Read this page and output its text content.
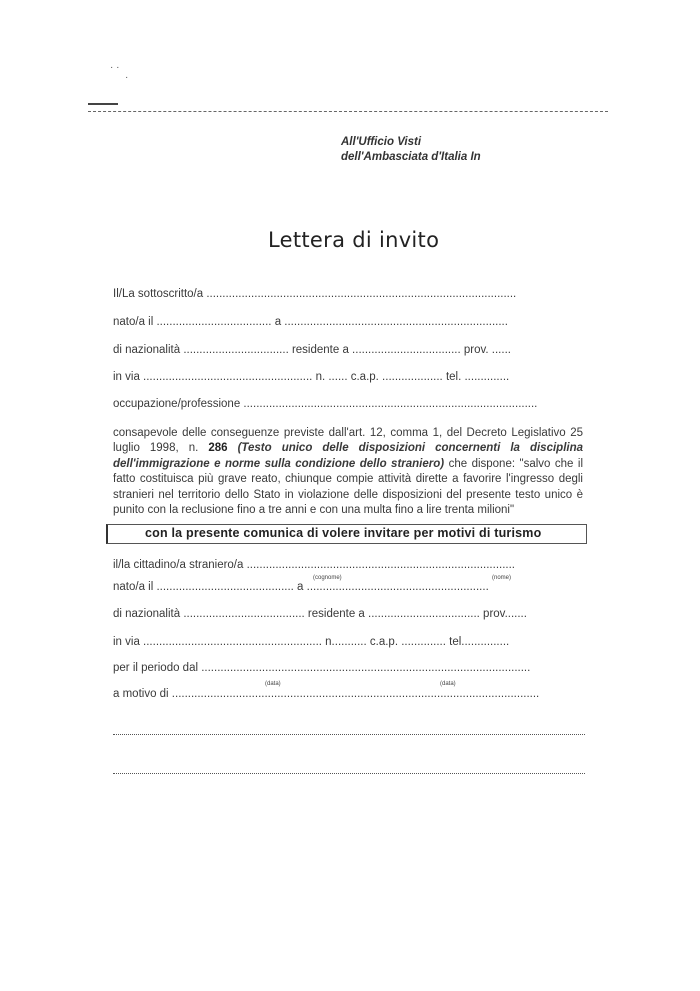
· ·
·
All'Ufficio Visti
dell'Ambasciata d'Italia In
Lettera di invito
Il/La sottoscritto/a .................................................................................................
nato/a il .................................... a ......................................................................
di nazionalità ................................. residente a .................................. prov. ......
in via ..................................................... n. ...... c.a.p. ................... tel. ..............
occupazione/professione ............................................................................................
consapevole delle conseguenze previste dall'art. 12, comma 1, del Decreto Legislativo 25 luglio 1998, n. 286 (Testo unico delle disposizioni concernenti la disciplina dell'immigrazione e norme sulla condizione dello straniero) che dispone: "salvo che il fatto costituisca più grave reato, chiunque compie attività dirette a favorire l'ingresso degli stranieri nel territorio dello Stato in violazione delle disposizioni del presente testo unico è punito con la reclusione fino a tre anni e con una multa fino a lire trenta milioni"
con la presente comunica di volere invitare per motivi di turismo
il/la cittadino/a straniero/a ....................................................................................
(cognome)	(nome)
nato/a il ........................................... a .........................................................
di nazionalità ...................................... residente a ................................... prov.......
in via ........................................................ n........... c.a.p. .............. tel...............
per il periodo dal .......................................................................................................
(data)	(data)
a motivo di ...................................................................................................................
